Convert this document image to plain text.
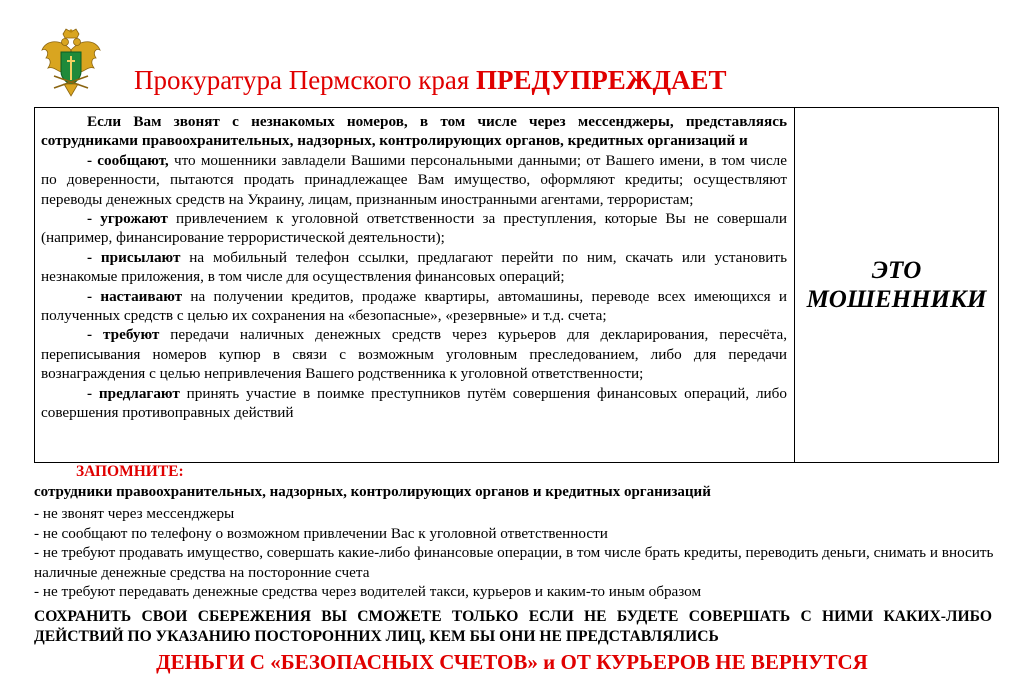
Прокуратура Пермского края ПРЕДУПРЕЖДАЕТ

Если Вам звонят с незнакомых номеров, в том числе через мессенджеры, представляясь сотрудниками правоохранительных, надзорных, контролирующих органов, кредитных организаций и

- сообщают, что мошенники завладели Вашими персональными данными; от Вашего имени, в том числе по доверенности, пытаются продать принадлежащее Вам имущество, оформляют кредиты; осуществляют переводы денежных средств на Украину, лицам, признанным иностранными агентами, террористам;

- угрожают привлечением к уголовной ответственности за преступления, которые Вы не совершали (например, финансирование террористической деятельности);

- присылают на мобильный телефон ссылки, предлагают перейти по ним, скачать или установить незнакомые приложения, в том числе для осуществления финансовых операций;

- настаивают на получении кредитов, продаже квартиры, автомашины, переводе всех имеющихся и полученных средств с целью их сохранения на «безопасные», «резервные» и т.д. счета;

- требуют передачи наличных денежных средств через курьеров для декларирования, пересчёта, переписывания номеров купюр в связи с возможным уголовным преследованием, либо для передачи вознаграждения с целью непривлечения Вашего родственника к уголовной ответственности;

- предлагают принять участие в поимке преступников путём совершения финансовых операций, либо совершения противоправных действий

ЭТО
МОШЕННИКИ
ЗАПОМНИТЕ:
сотрудники правоохранительных, надзорных, контролирующих органов и кредитных организаций
- не звонят через мессенджеры
- не сообщают по телефону о возможном привлечении Вас к уголовной ответственности
- не требуют продавать имущество, совершать какие-либо финансовые операции, в том числе брать кредиты, переводить деньги, снимать и вносить наличные денежные средства на посторонние счета
- не требуют передавать денежные средства через водителей такси, курьеров и каким-то иным образом
СОХРАНИТЬ СВОИ СБЕРЕЖЕНИЯ ВЫ СМОЖЕТЕ ТОЛЬКО ЕСЛИ НЕ БУДЕТЕ СОВЕРШАТЬ С НИМИ КАКИХ-ЛИБО ДЕЙСТВИЙ ПО УКАЗАНИЮ ПОСТОРОННИХ ЛИЦ, КЕМ БЫ ОНИ НЕ ПРЕДСТАВЛЯЛИСЬ
ДЕНЬГИ С «БЕЗОПАСНЫХ СЧЕТОВ» и ОТ КУРЬЕРОВ НЕ ВЕРНУТСЯ
